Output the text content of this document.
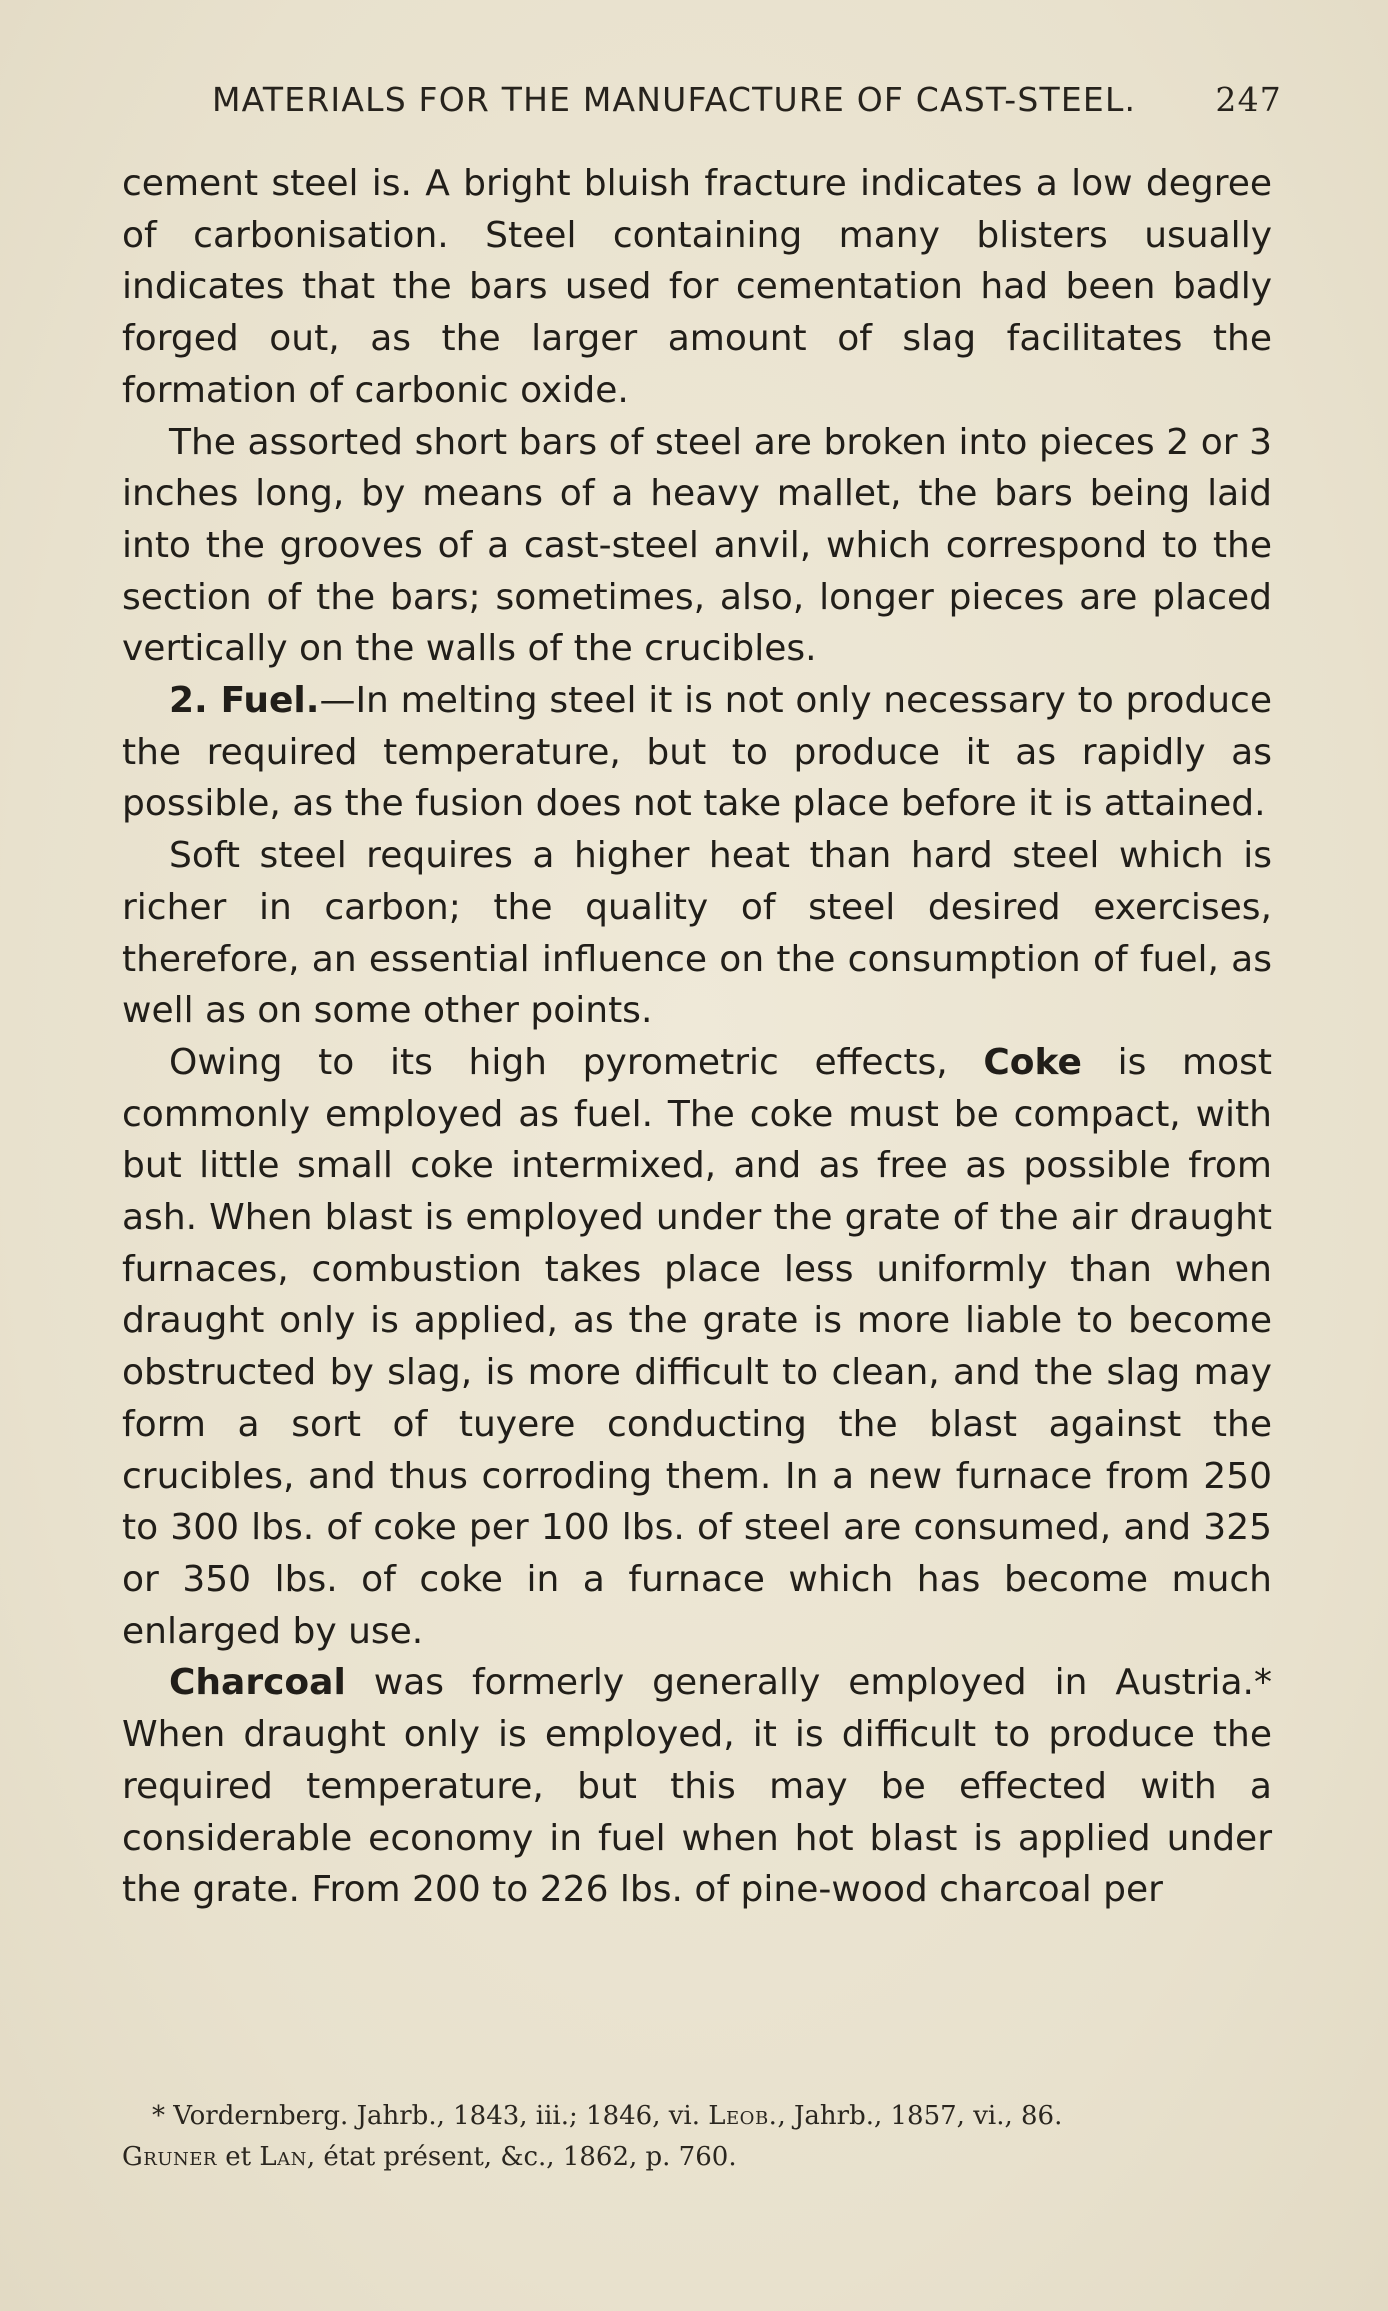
MATERIALS FOR THE MANUFACTURE OF CAST-STEEL. 247

cement steel is. A bright bluish fracture indicates a low degree of carbonisation. Steel containing many blisters usually indicates that the bars used for cementation had been badly forged out, as the larger amount of slag facilitates the formation of carbonic oxide.

The assorted short bars of steel are broken into pieces 2 or 3 inches long, by means of a heavy mallet, the bars being laid into the grooves of a cast-steel anvil, which correspond to the section of the bars; sometimes, also, longer pieces are placed vertically on the walls of the crucibles.

2. Fuel.—In melting steel it is not only necessary to produce the required temperature, but to produce it as rapidly as possible, as the fusion does not take place before it is attained.

Soft steel requires a higher heat than hard steel which is richer in carbon; the quality of steel desired exercises, therefore, an essential influence on the consumption of fuel, as well as on some other points.

Owing to its high pyrometric effects, Coke is most commonly employed as fuel. The coke must be compact, with but little small coke intermixed, and as free as possible from ash. When blast is employed under the grate of the air draught furnaces, combustion takes place less uniformly than when draught only is applied, as the grate is more liable to become obstructed by slag, is more difficult to clean, and the slag may form a sort of tuyere conducting the blast against the crucibles, and thus corroding them. In a new furnace from 250 to 300 lbs. of coke per 100 lbs. of steel are consumed, and 325 or 350 lbs. of coke in a furnace which has become much enlarged by use.

Charcoal was formerly generally employed in Austria.* When draught only is employed, it is difficult to produce the required temperature, but this may be effected with a considerable economy in fuel when hot blast is applied under the grate. From 200 to 226 lbs. of pine-wood charcoal per

* Vordernberg. Jahrb., 1843, iii.; 1846, vi. Leob., Jahrb., 1857, vi., 86.
Gruner et Lan, état présent, &c., 1862, p. 760.
